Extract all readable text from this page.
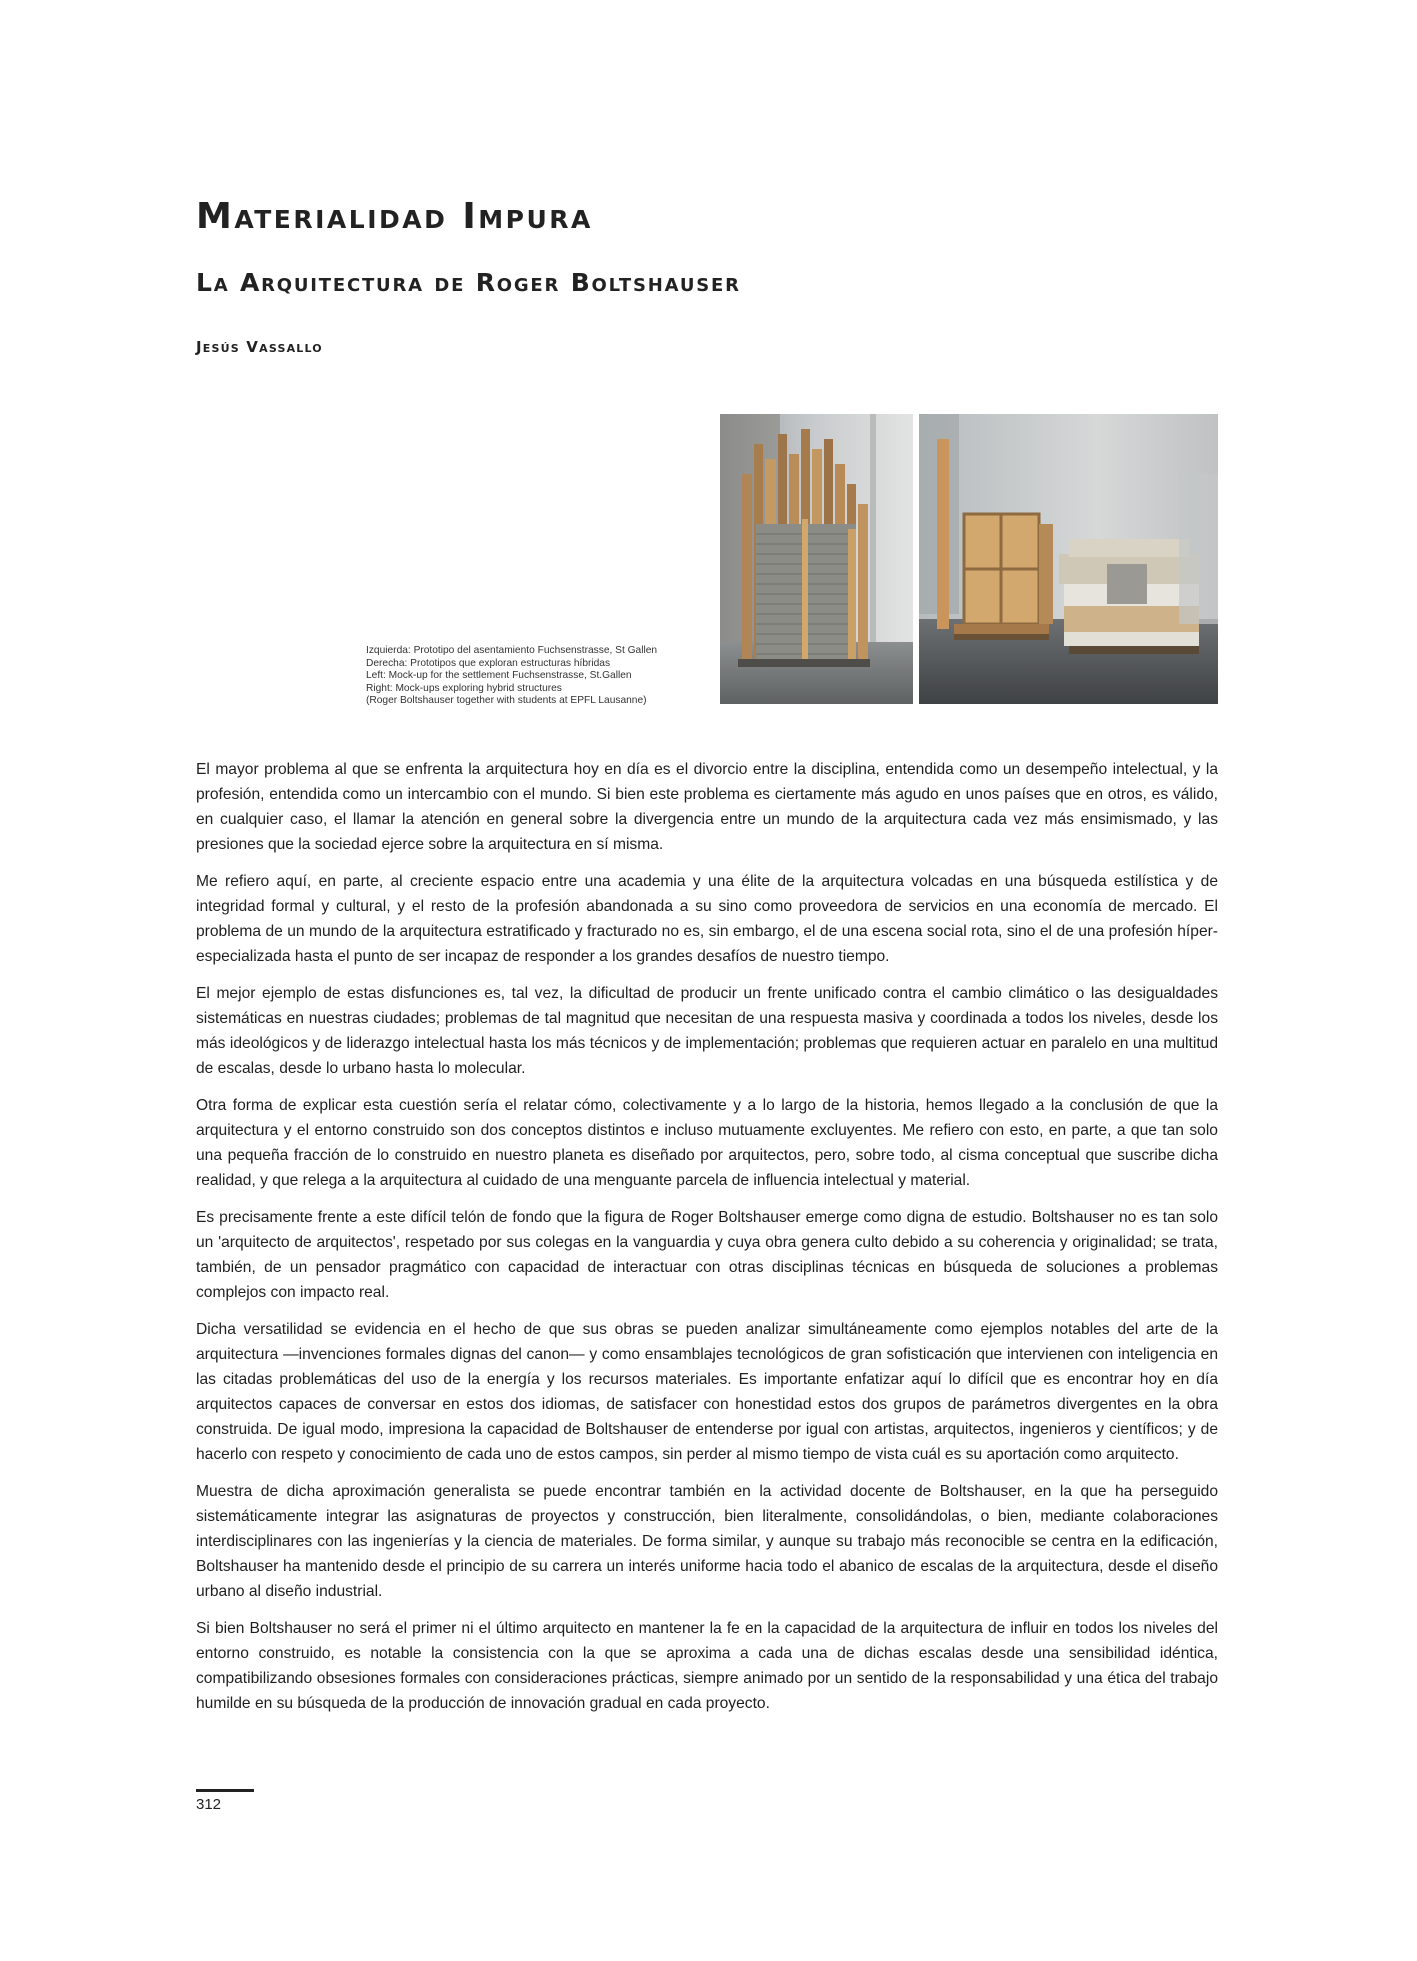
Materialidad Impura
La Arquitectura de Roger Boltshauser
Jesús Vassallo
Izquierda: Prototipo del asentamiento Fuchsenstrasse, St Gallen
Derecha: Prototipos que exploran estructuras híbridas
Left: Mock-up for the settlement Fuchsenstrasse, St.Gallen
Right: Mock-ups exploring hybrid structures
(Roger Boltshauser together with students at EPFL Lausanne)

El mayor problema al que se enfrenta la arquitectura hoy en día es el divorcio entre la disciplina, entendida como un desempeño intelectual, y la profesión, entendida como un intercambio con el mundo. Si bien este problema es ciertamente más agudo en unos países que en otros, es válido, en cualquier caso, el llamar la atención en general sobre la divergencia entre un mundo de la arquitectura cada vez más ensimismado, y las presiones que la sociedad ejerce sobre la arquitectura en sí misma.

Me refiero aquí, en parte, al creciente espacio entre una academia y una élite de la arquitectura volcadas en una búsqueda estilística y de integridad formal y cultural, y el resto de la profesión abandonada a su sino como proveedora de servicios en una economía de mercado. El problema de un mundo de la arquitectura estratificado y fracturado no es, sin embargo, el de una escena social rota, sino el de una profesión híper-especializada hasta el punto de ser incapaz de responder a los grandes desafíos de nuestro tiempo.

El mejor ejemplo de estas disfunciones es, tal vez, la dificultad de producir un frente unificado contra el cambio climático o las desigualdades sistemáticas en nuestras ciudades; problemas de tal magnitud que necesitan de una respuesta masiva y coordinada a todos los niveles, desde los más ideológicos y de liderazgo intelectual hasta los más técnicos y de implementación; problemas que requieren actuar en paralelo en una multitud de escalas, desde lo urbano hasta lo molecular.

Otra forma de explicar esta cuestión sería el relatar cómo, colectivamente y a lo largo de la historia, hemos llegado a la conclusión de que la arquitectura y el entorno construido son dos conceptos distintos e incluso mutuamente excluyentes. Me refiero con esto, en parte, a que tan solo una pequeña fracción de lo construido en nuestro planeta es diseñado por arquitectos, pero, sobre todo, al cisma conceptual que suscribe dicha realidad, y que relega a la arquitectura al cuidado de una menguante parcela de influencia intelectual y material.

Es precisamente frente a este difícil telón de fondo que la figura de Roger Boltshauser emerge como digna de estudio. Boltshauser no es tan solo un 'arquitecto de arquitectos', respetado por sus colegas en la vanguardia y cuya obra genera culto debido a su coherencia y originalidad; se trata, también, de un pensador pragmático con capacidad de interactuar con otras disciplinas técnicas en búsqueda de soluciones a problemas complejos con impacto real.

Dicha versatilidad se evidencia en el hecho de que sus obras se pueden analizar simultáneamente como ejemplos notables del arte de la arquitectura —invenciones formales dignas del canon— y como ensamblajes tecnológicos de gran sofisticación que intervienen con inteligencia en las citadas problemáticas del uso de la energía y los recursos materiales. Es importante enfatizar aquí lo difícil que es encontrar hoy en día arquitectos capaces de conversar en estos dos idiomas, de satisfacer con honestidad estos dos grupos de parámetros divergentes en la obra construida. De igual modo, impresiona la capacidad de Boltshauser de entenderse por igual con artistas, arquitectos, ingenieros y científicos; y de hacerlo con respeto y conocimiento de cada uno de estos campos, sin perder al mismo tiempo de vista cuál es su aportación como arquitecto.

Muestra de dicha aproximación generalista se puede encontrar también en la actividad docente de Boltshauser, en la que ha perseguido sistemáticamente integrar las asignaturas de proyectos y construcción, bien literalmente, consolidándolas, o bien, mediante colaboraciones interdisciplinares con las ingenierías y la ciencia de materiales. De forma similar, y aunque su trabajo más reconocible se centra en la edificación, Boltshauser ha mantenido desde el principio de su carrera un interés uniforme hacia todo el abanico de escalas de la arquitectura, desde el diseño urbano al diseño industrial.

Si bien Boltshauser no será el primer ni el último arquitecto en mantener la fe en la capacidad de la arquitectura de influir en todos los niveles del entorno construido, es notable la consistencia con la que se aproxima a cada una de dichas escalas desde una sensibilidad idéntica, compatibilizando obsesiones formales con consideraciones prácticas, siempre animado por un sentido de la responsabilidad y una ética del trabajo humilde en su búsqueda de la producción de innovación gradual en cada proyecto.

312
